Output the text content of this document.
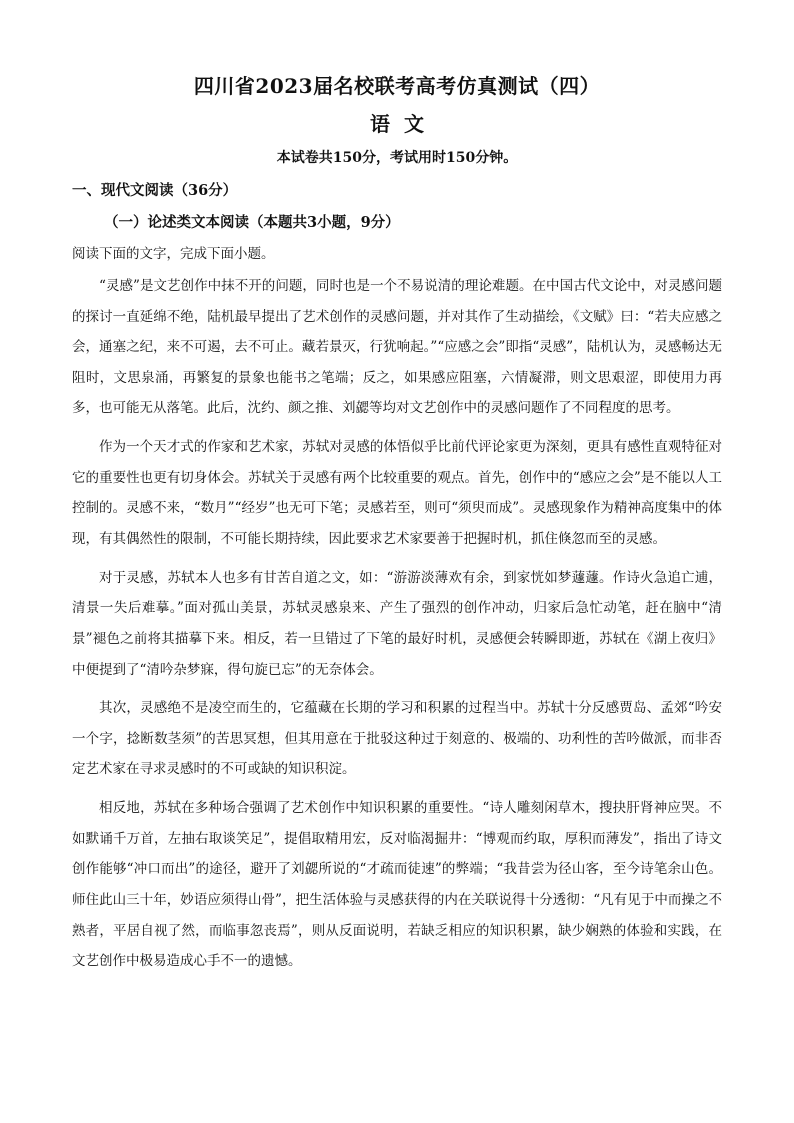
四川省2023届名校联考高考仿真测试（四）
语文
本试卷共150分，考试用时150分钟。
一、现代文阅读（36分）
（一）论述类文本阅读（本题共3小题，9分）
阅读下面的文字，完成下面小题。

“灵感”是文艺创作中抹不开的问题，同时也是一个不易说清的理论难题。在中国古代文论中，对灵感问题的探讨一直延绵不绝，陆机最早提出了艺术创作的灵感问题，并对其作了生动描绘，《文赋》曰：“若夫应感之会，通塞之纪，来不可遏，去不可止。藏若景灭，行犹响起。”“应感之会”即指“灵感”，陆机认为，灵感畅达无阻时，文思泉涌，再繁复的景象也能书之笔端；反之，如果感应阻塞，六情凝滞，则文思艰涩，即使用力再多，也可能无从落笔。此后，沈约、颜之推、刘勰等均对文艺创作中的灵感问题作了不同程度的思考。

作为一个天才式的作家和艺术家，苏轼对灵感的体悟似乎比前代评论家更为深刻，更具有感性直观特征对它的重要性也更有切身体会。苏轼关于灵感有两个比较重要的观点。首先，创作中的“感应之会”是不能以人工控制的。灵感不来，“数月”“经岁”也无可下笔；灵感若至，则可“须臾而成”。灵感现象作为精神高度集中的体现，有其偶然性的限制，不可能长期持续，因此要求艺术家要善于把握时机，抓住倏忽而至的灵感。

对于灵感，苏轼本人也多有甘苦自道之文，如：“游游淡薄欢有余，到家恍如梦蘧蘧。作诗火急追亡逋，清景一失后难摹。”面对孤山美景，苏轼灵感泉来、产生了强烈的创作冲动，归家后急忙动笔，赶在脑中“清景”褪色之前将其描摹下来。相反，若一旦错过了下笔的最好时机，灵感便会转瞬即逝，苏轼在《湖上夜归》中便提到了“清吟杂梦寐，得句旋已忘”的无奈体会。

其次，灵感绝不是凌空而生的，它蕴藏在长期的学习和积累的过程当中。苏轼十分反感贾岛、孟郊“吟安一个字，捻断数茎须”的苦思冥想，但其用意在于批驳这种过于刻意的、极端的、功利性的苦吟做派，而非否定艺术家在寻求灵感时的不可或缺的知识积淀。

相反地，苏轼在多种场合强调了艺术创作中知识积累的重要性。“诗人雕刻闲草木，搜抉肝肾神应哭。不如默诵千万首，左抽右取谈笑足”，提倡取精用宏，反对临渴掘井：“博观而约取，厚积而薄发”，指出了诗文创作能够“冲口而出”的途径，避开了刘勰所说的“才疏而徒速”的弊端；“我昔尝为径山客，至今诗笔余山色。师住此山三十年，妙语应须得山骨”，把生活体验与灵感获得的内在关联说得十分透彻：“凡有见于中而操之不熟者，平居自视了然，而临事忽丧焉”，则从反面说明，若缺乏相应的知识积累，缺少娴熟的体验和实践，在文艺创作中极易造成心手不一的遗憾。
